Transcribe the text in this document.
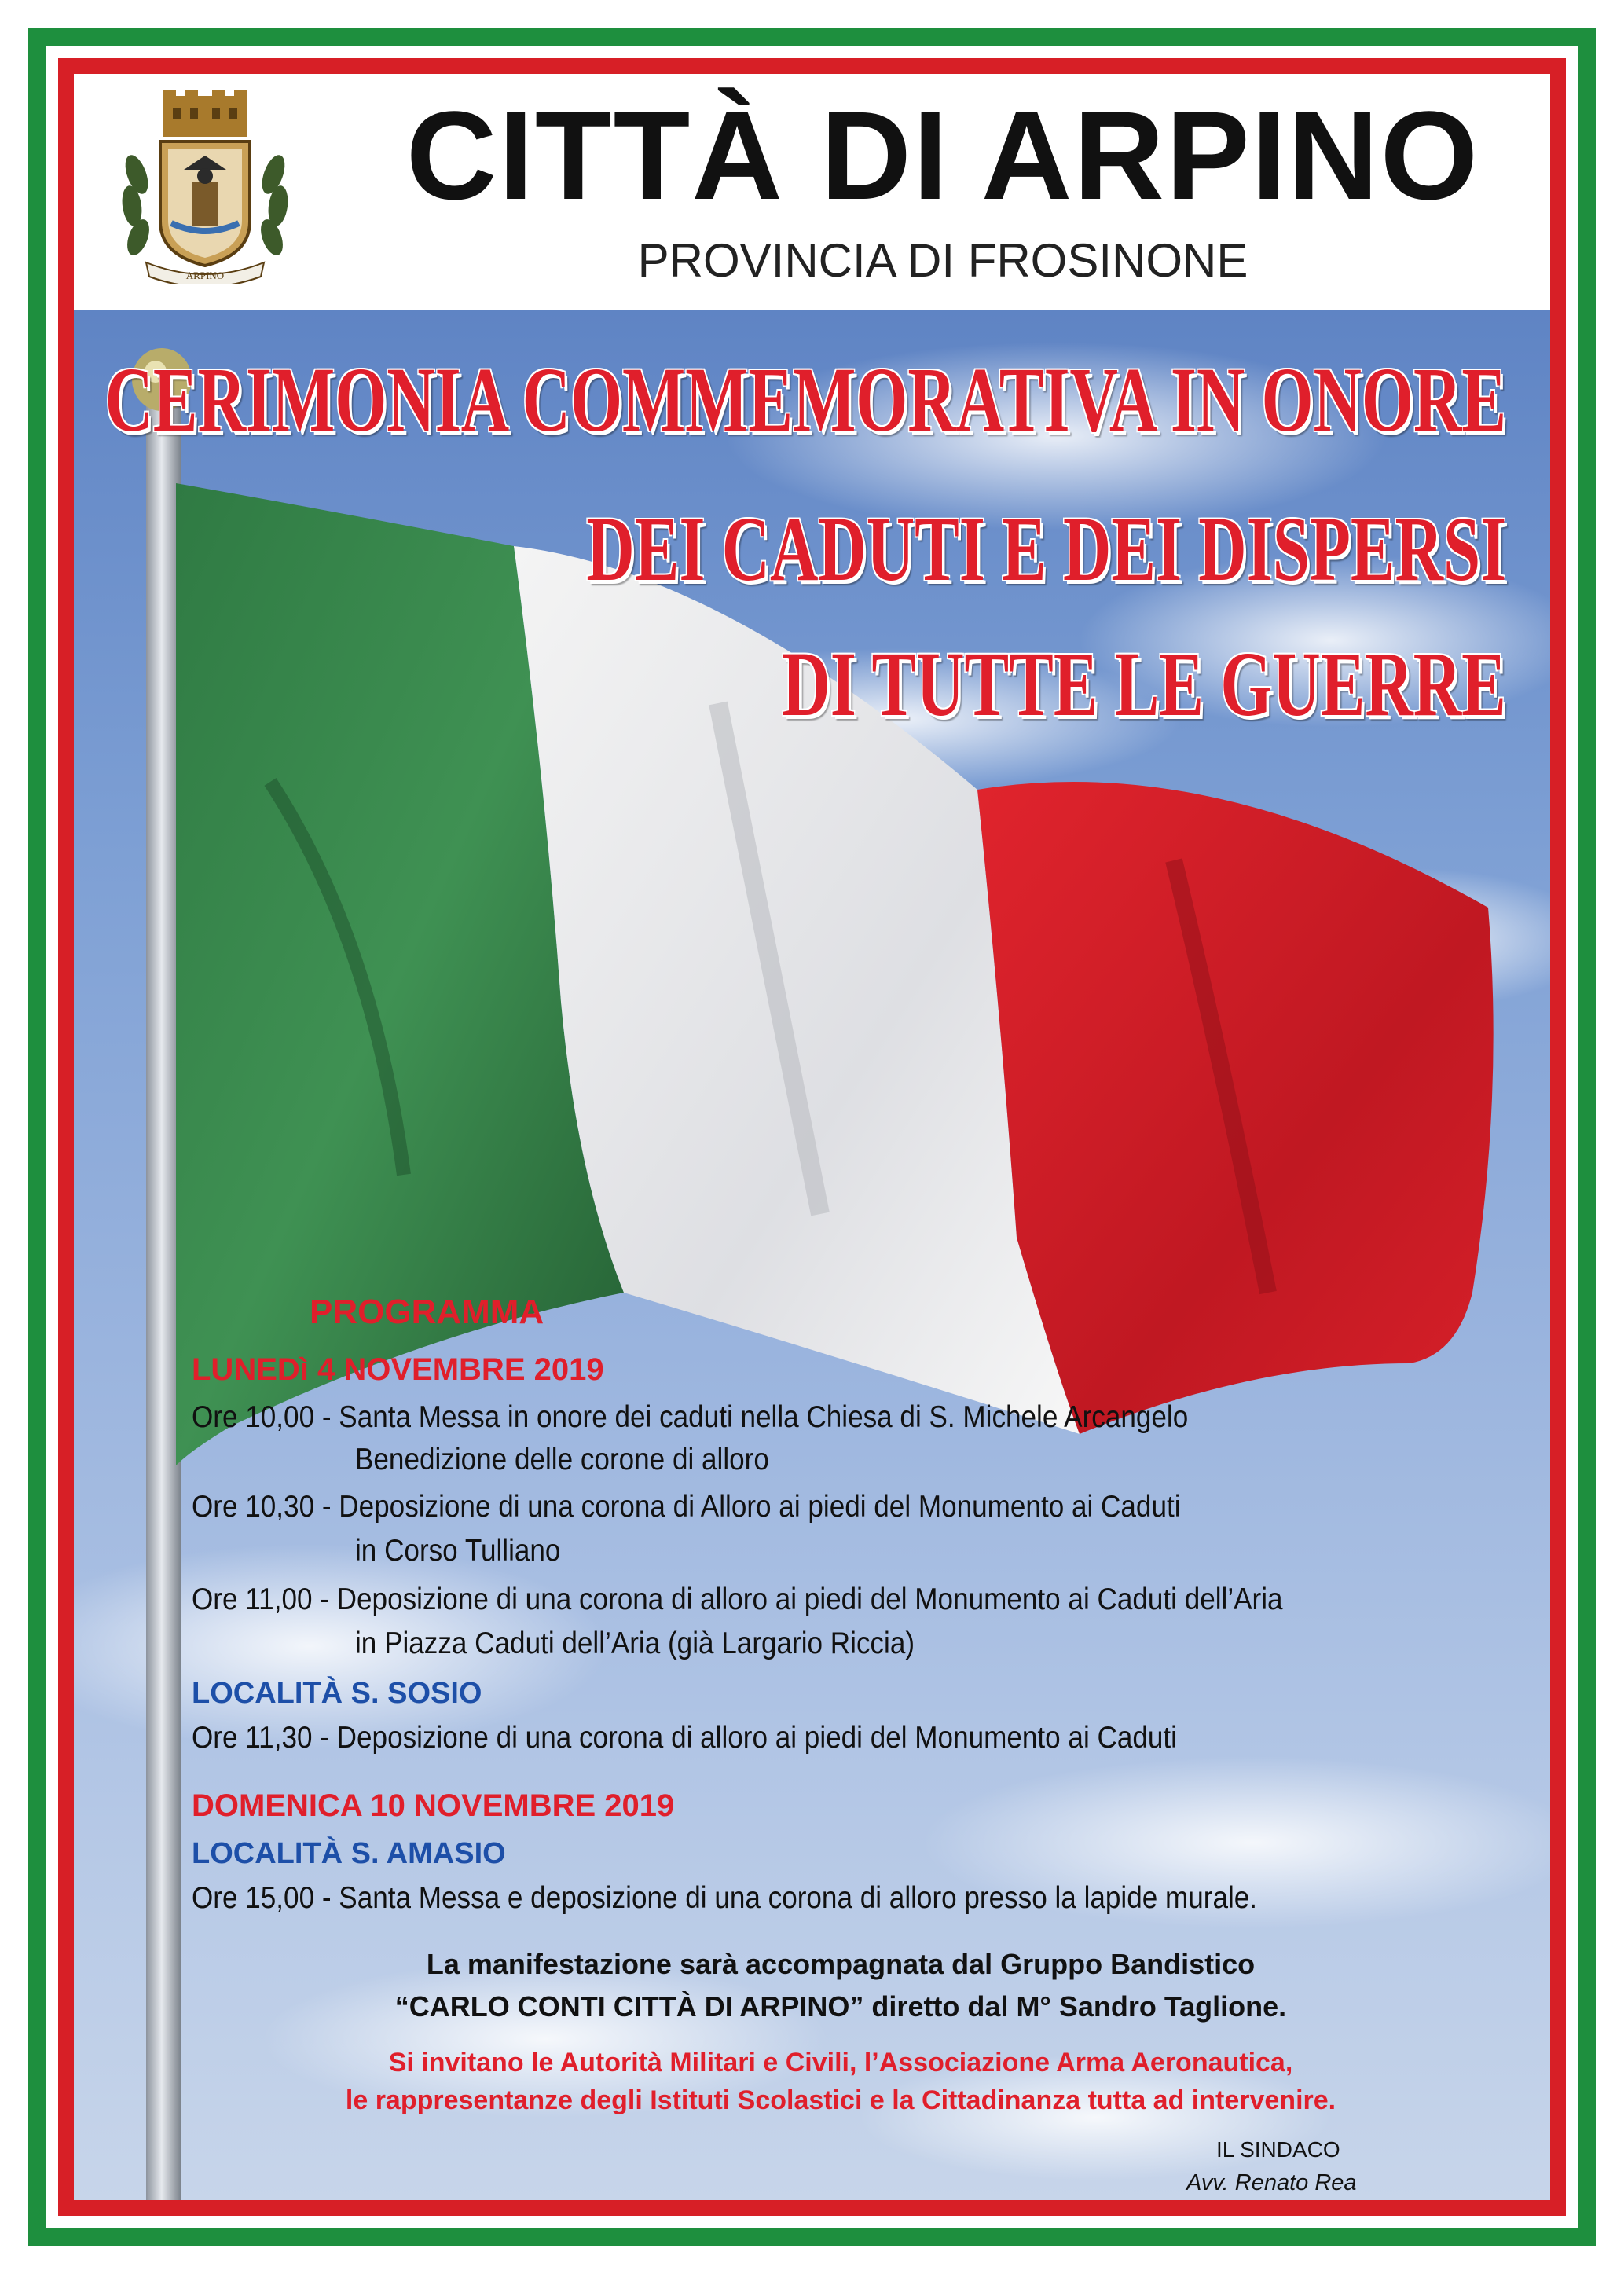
ARPINO
CITTÀ DI ARPINO
PROVINCIA DI FROSINONE
CERIMONIA COMMEMORATIVA IN ONORE
DEI CADUTI E DEI DISPERSI
DI TUTTE LE GUERRE
PROGRAMMA
LUNEDì 4 NOVEMBRE 2019
Ore 10,00 - Santa Messa in onore dei caduti nella Chiesa di S. Michele Arcangelo
Benedizione delle corone di alloro
Ore 10,30 - Deposizione di una corona di Alloro ai piedi del Monumento ai Caduti
in Corso Tulliano
Ore 11,00 - Deposizione di una corona di alloro ai piedi del Monumento ai Caduti dell’Aria
in Piazza Caduti dell’Aria (già Largario Riccia)
LOCALITÀ S. SOSIO
Ore 11,30 - Deposizione di una corona di alloro ai piedi del Monumento ai Caduti
DOMENICA 10 NOVEMBRE 2019
LOCALITÀ S. AMASIO
Ore 15,00 - Santa Messa e deposizione di una corona di alloro presso la lapide murale.
La manifestazione sarà accompagnata dal Gruppo Bandistico
“CARLO CONTI CITTÀ DI ARPINO” diretto dal M° Sandro Taglione.
Si invitano le Autorità Militari e Civili, l’Associazione Arma Aeronautica,
le rappresentanze degli Istituti Scolastici e la Cittadinanza tutta ad intervenire.
IL SINDACO
Avv. Renato Rea
